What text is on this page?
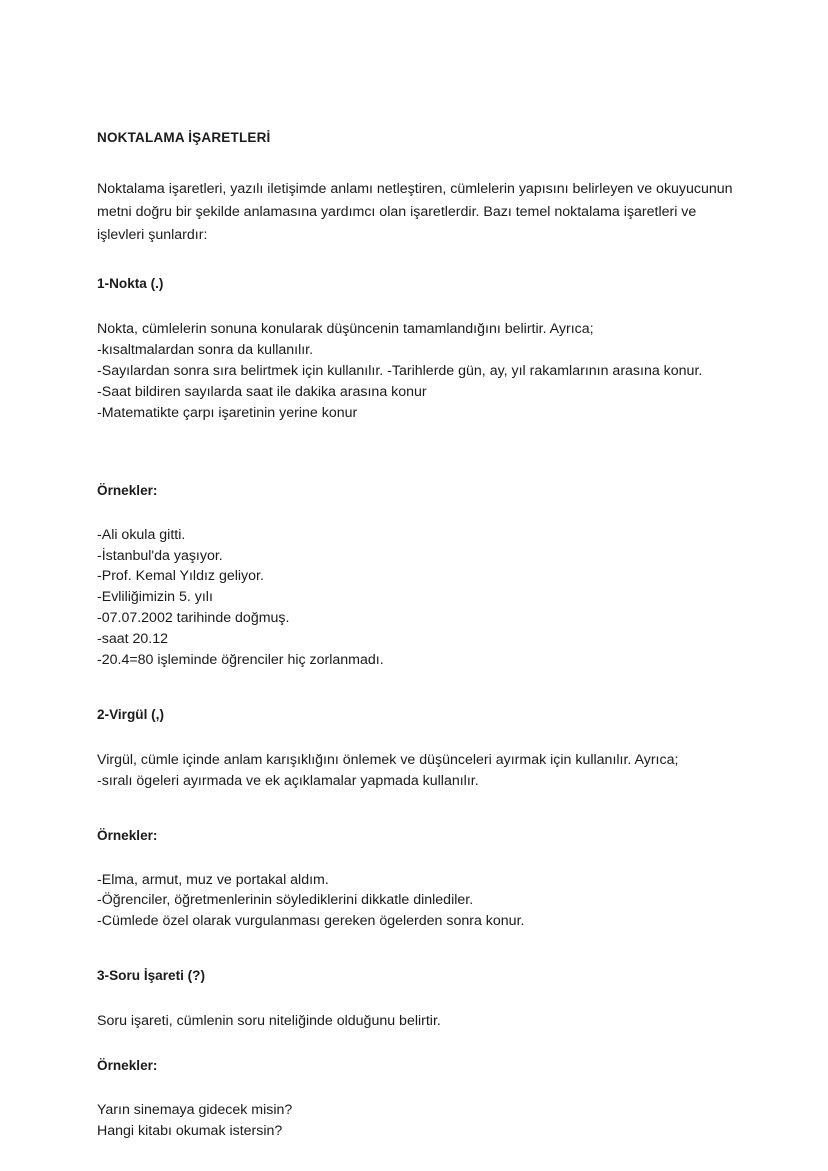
NOKTALAMA İŞARETLERİ

Noktalama işaretleri, yazılı iletişimde anlamı netleştiren, cümlelerin yapısını belirleyen ve okuyucunun metni doğru bir şekilde anlamasına yardımcı olan işaretlerdir. Bazı temel noktalama işaretleri ve işlevleri şunlardır:

1-Nokta (.)
Nokta, cümlelerin sonuna konularak düşüncenin tamamlandığını belirtir. Ayrıca;
-kısaltmalardan sonra da kullanılır.
-Sayılardan sonra sıra belirtmek için kullanılır. -Tarihlerde gün, ay, yıl rakamlarının arasına konur.
-Saat bildiren sayılarda saat ile dakika arasına konur
-Matematikte çarpı işaretinin yerine konur
Örnekler:
-Ali okula gitti.
-İstanbul'da yaşıyor.
-Prof. Kemal Yıldız geliyor.
-Evliliğimizin 5. yılı
-07.07.2002 tarihinde doğmuş.
-saat 20.12
-20.4=80 işleminde öğrenciler hiç zorlanmadı.
2-Virgül (,)
Virgül, cümle içinde anlam karışıklığını önlemek ve düşünceleri ayırmak için kullanılır. Ayrıca;
-sıralı ögeleri ayırmada ve ek açıklamalar yapmada kullanılır.
Örnekler:
-Elma, armut, muz ve portakal aldım.
-Öğrenciler, öğretmenlerinin söylediklerini dikkatle dinlediler.
-Cümlede özel olarak vurgulanması gereken ögelerden sonra konur.
3-Soru İşareti (?)
Soru işareti, cümlenin soru niteliğinde olduğunu belirtir.
Örnekler:
Yarın sinemaya gidecek misin?
Hangi kitabı okumak istersin?
